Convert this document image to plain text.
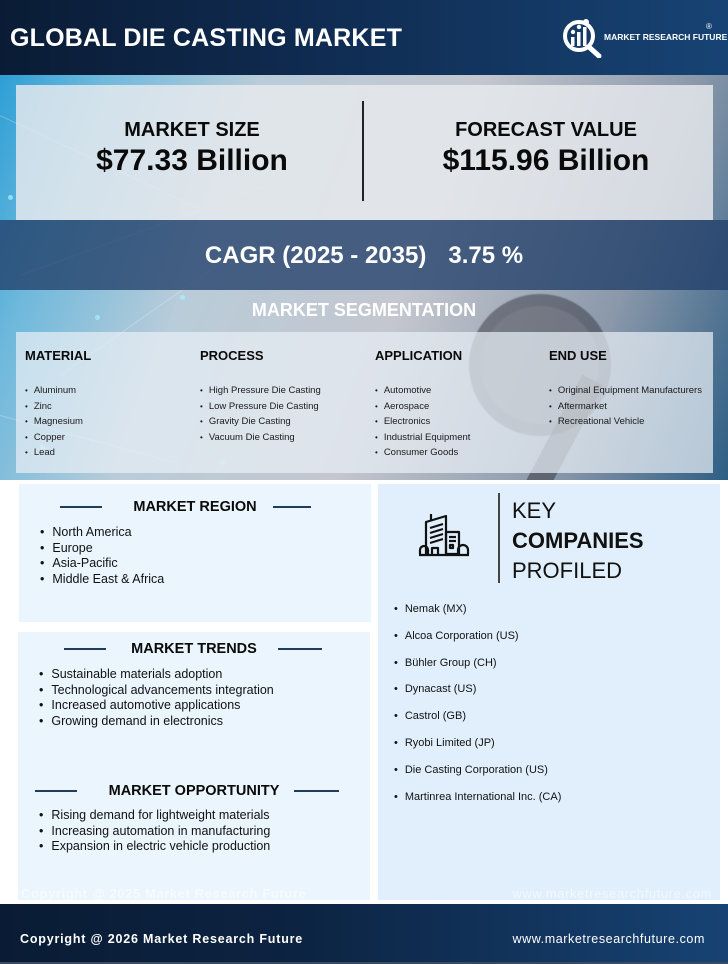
GLOBAL DIE CASTING MARKET	MARKET RESEARCH FUTURE
®
MARKET SIZE
$77.33 Billion
FORECAST VALUE
$115.96 Billion
CAGR (2025 - 2035) 3.75 %
MARKET SEGMENTATION
MATERIAL
• Aluminum
• Zinc
• Magnesium
• Copper
• Lead
PROCESS
• High Pressure Die Casting
• Low Pressure Die Casting
• Gravity Die Casting
• Vacuum Die Casting
APPLICATION
• Automotive
• Aerospace
• Electronics
• Industrial Equipment
• Consumer Goods
END USE
• Original Equipment Manufacturers
• Aftermarket
• Recreational Vehicle
MARKET REGION
• North America
• Europe
• Asia-Pacific
• Middle East & Africa
MARKET TRENDS
• Sustainable materials adoption
• Technological advancements integration
• Increased automotive applications
• Growing demand in electronics
MARKET OPPORTUNITY
• Rising demand for lightweight materials
• Increasing automation in manufacturing
• Expansion in electric vehicle production
Copyright @ 2025 Market Research Future
KEY
COMPANIES
PROFILED
• Nemak (MX)
• Alcoa Corporation (US)
• Bühler Group (CH)
• Dynacast (US)
• Castrol (GB)
• Ryobi Limited (JP)
• Die Casting Corporation (US)
• Martinrea International Inc. (CA)
www.marketresearchfuture.com
Copyright @ 2026 Market Research Future	www.marketresearchfuture.com
